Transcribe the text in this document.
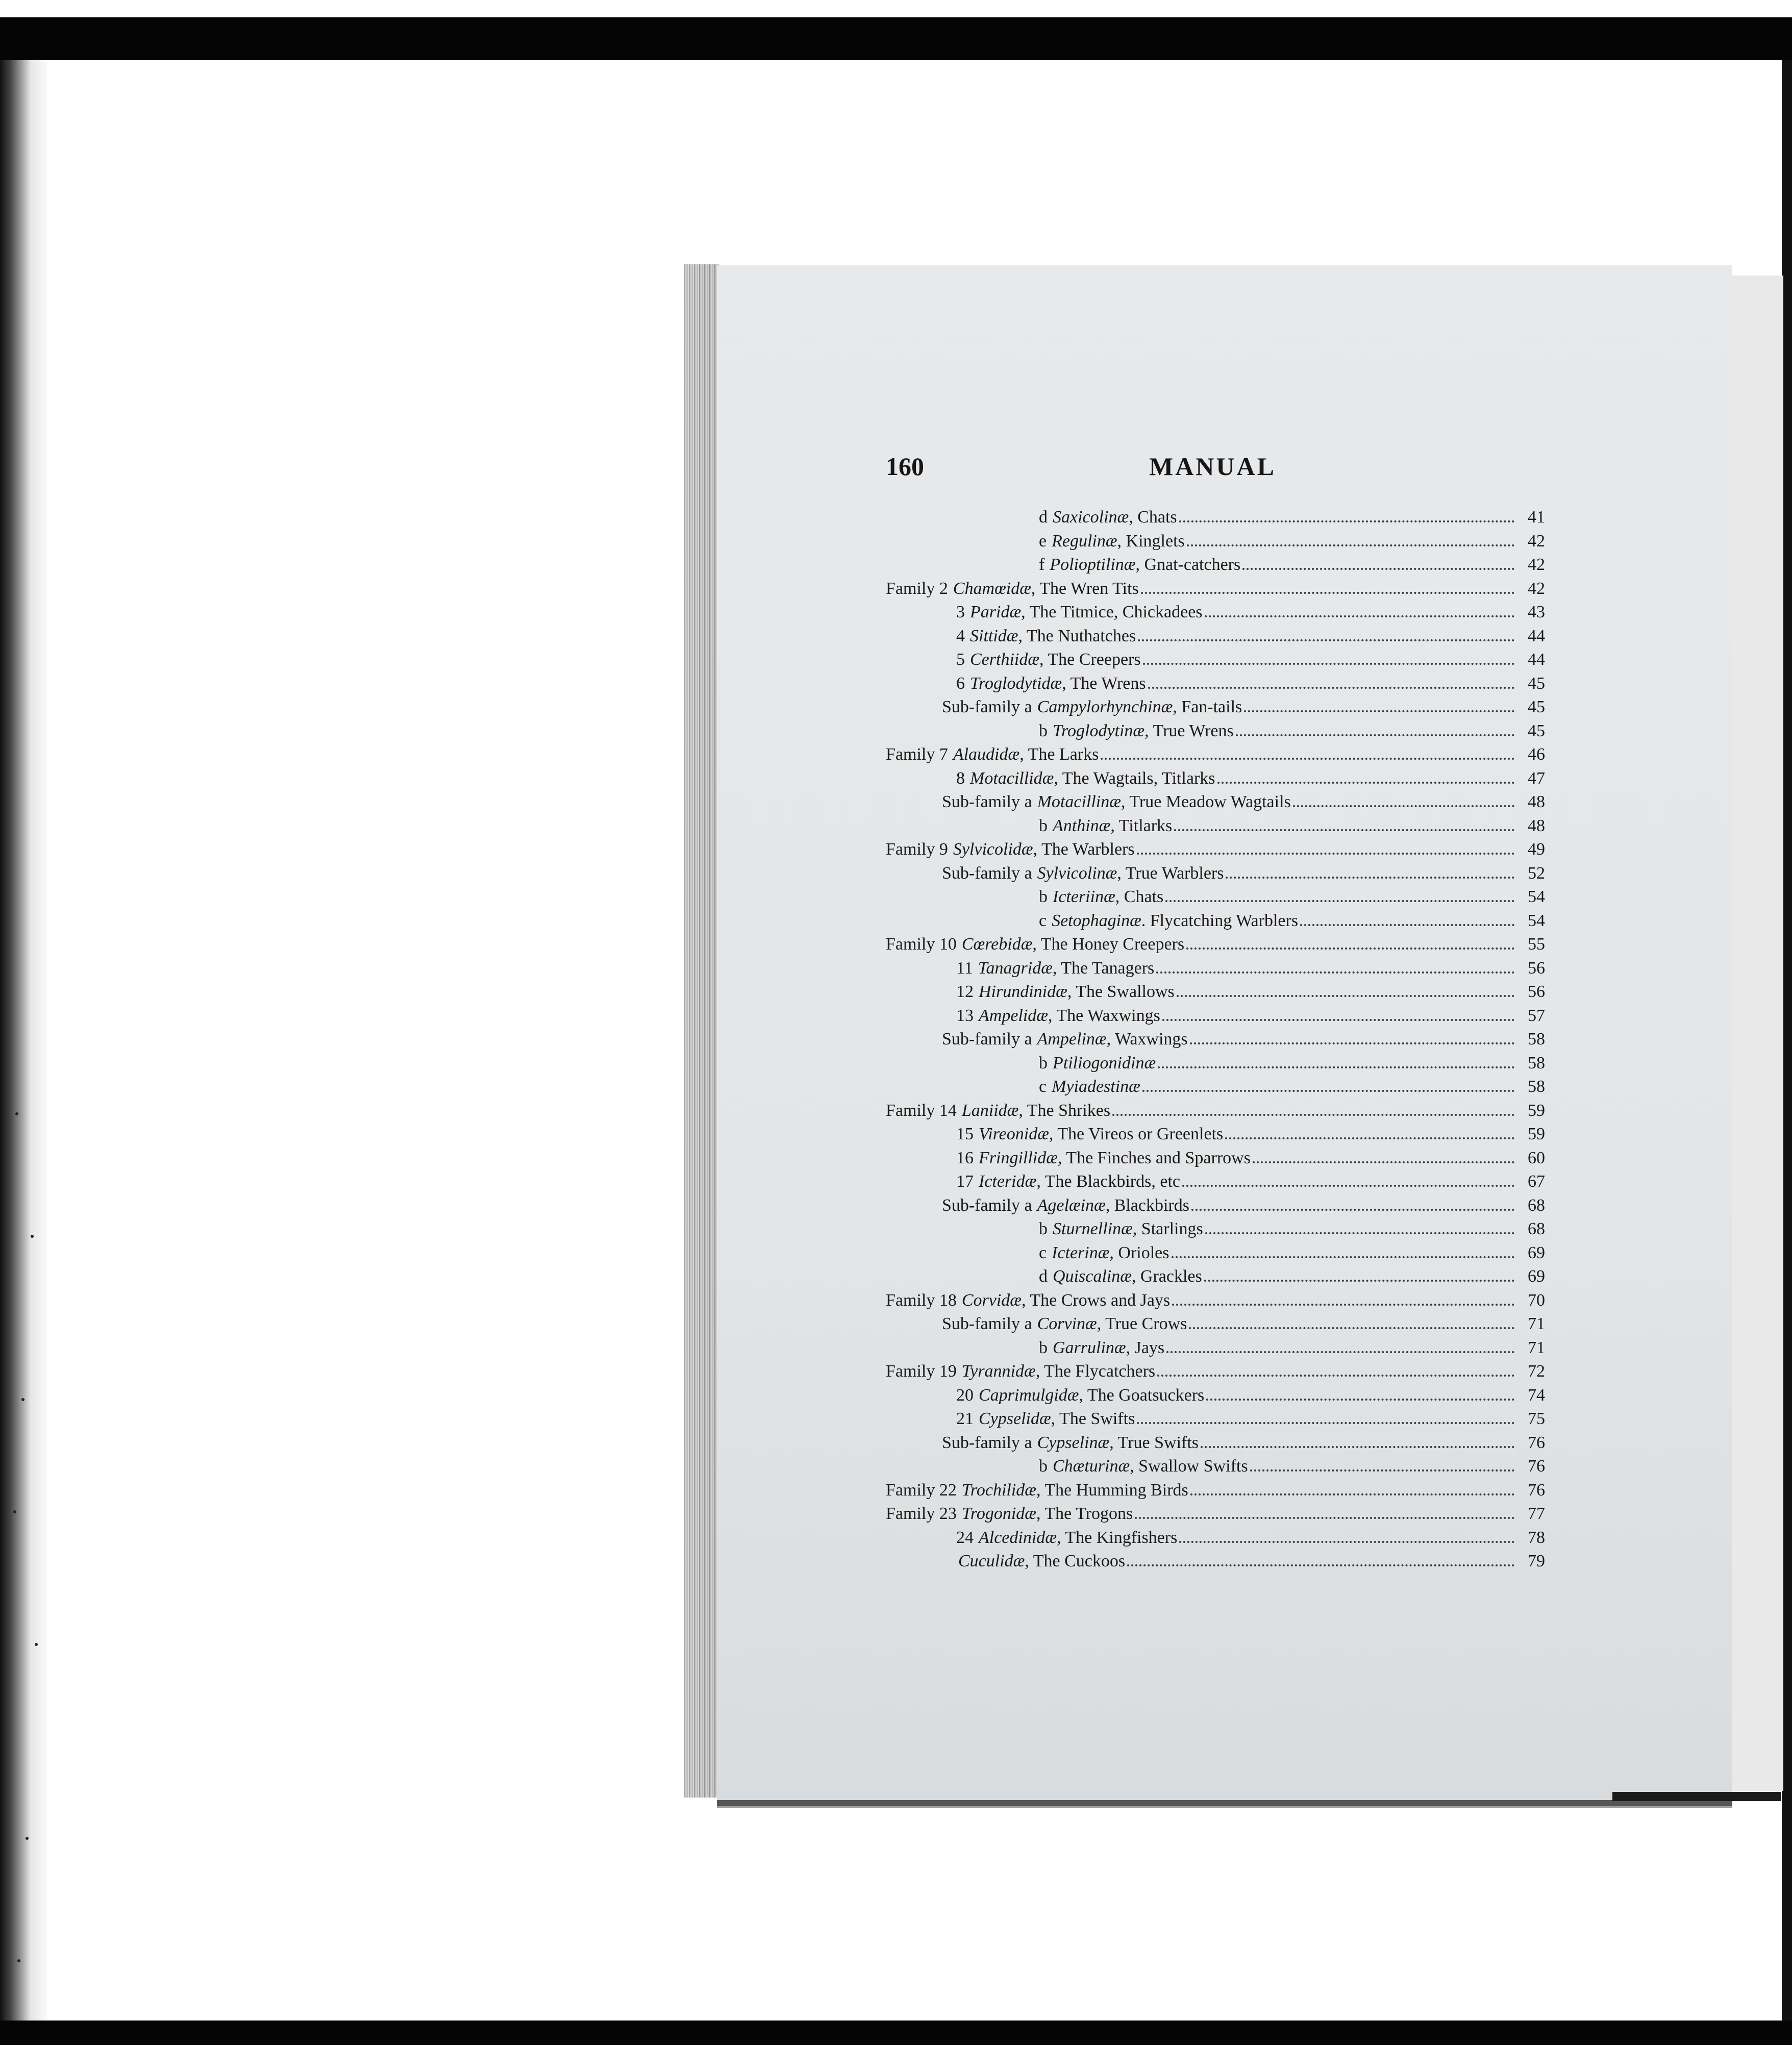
160	MANUAL
d Saxicolinæ , Chats	41
e Regulinæ , Kinglets	42
f Polioptilinæ , Gnat-catchers	42
Family 2 Chamœidæ , The Wren Tits	42
3 Paridæ , The Titmice, Chickadees	43
4 Sittidæ , The Nuthatches	44
5 Certhiidæ , The Creepers	44
6 Troglodytidæ , The Wrens	45
Sub-family a Campylorhynchinæ , Fan-tails	45
b Troglodytinæ , True Wrens	45
Family 7 Alaudidæ , The Larks	46
8 Motacillidæ , The Wagtails, Titlarks	47
Sub-family a Motacillinæ , True Meadow Wagtails	48
b Anthinæ , Titlarks	48
Family 9 Sylvicolidæ , The Warblers	49
Sub-family a Sylvicolinæ , True Warblers	52
b Icteriinæ , Chats	54
c Setophaginæ . Flycatching Warblers	54
Family 10 Cœrebidæ , The Honey Creepers	55
11 Tanagridæ , The Tanagers	56
12 Hirundinidæ , The Swallows	56
13 Ampelidæ , The Waxwings	57
Sub-family a Ampelinæ , Waxwings	58
b Ptiliogonidinæ	58
c Myiadestinæ	58
Family 14 Laniidæ , The Shrikes	59
15 Vireonidæ , The Vireos or Greenlets	59
16 Fringillidæ , The Finches and Sparrows	60
17 Icteridæ , The Blackbirds, etc	67
Sub-family a Agelæinæ , Blackbirds	68
b Sturnellinæ , Starlings	68
c Icterinæ , Orioles	69
d Quiscalinæ , Grackles	69
Family 18 Corvidæ , The Crows and Jays	70
Sub-family a Corvinæ , True Crows	71
b Garrulinæ , Jays	71
Family 19 Tyrannidæ , The Flycatchers	72
20 Caprimulgidæ , The Goatsuckers	74
21 Cypselidæ , The Swifts	75
Sub-family a Cypselinæ , True Swifts	76
b Chæturinæ , Swallow Swifts	76
Family 22 Trochilidæ , The Humming Birds	76
Family 23 Trogonidæ , The Trogons	77
24 Alcedinidæ , The Kingfishers	78
Cuculidæ , The Cuckoos	79
